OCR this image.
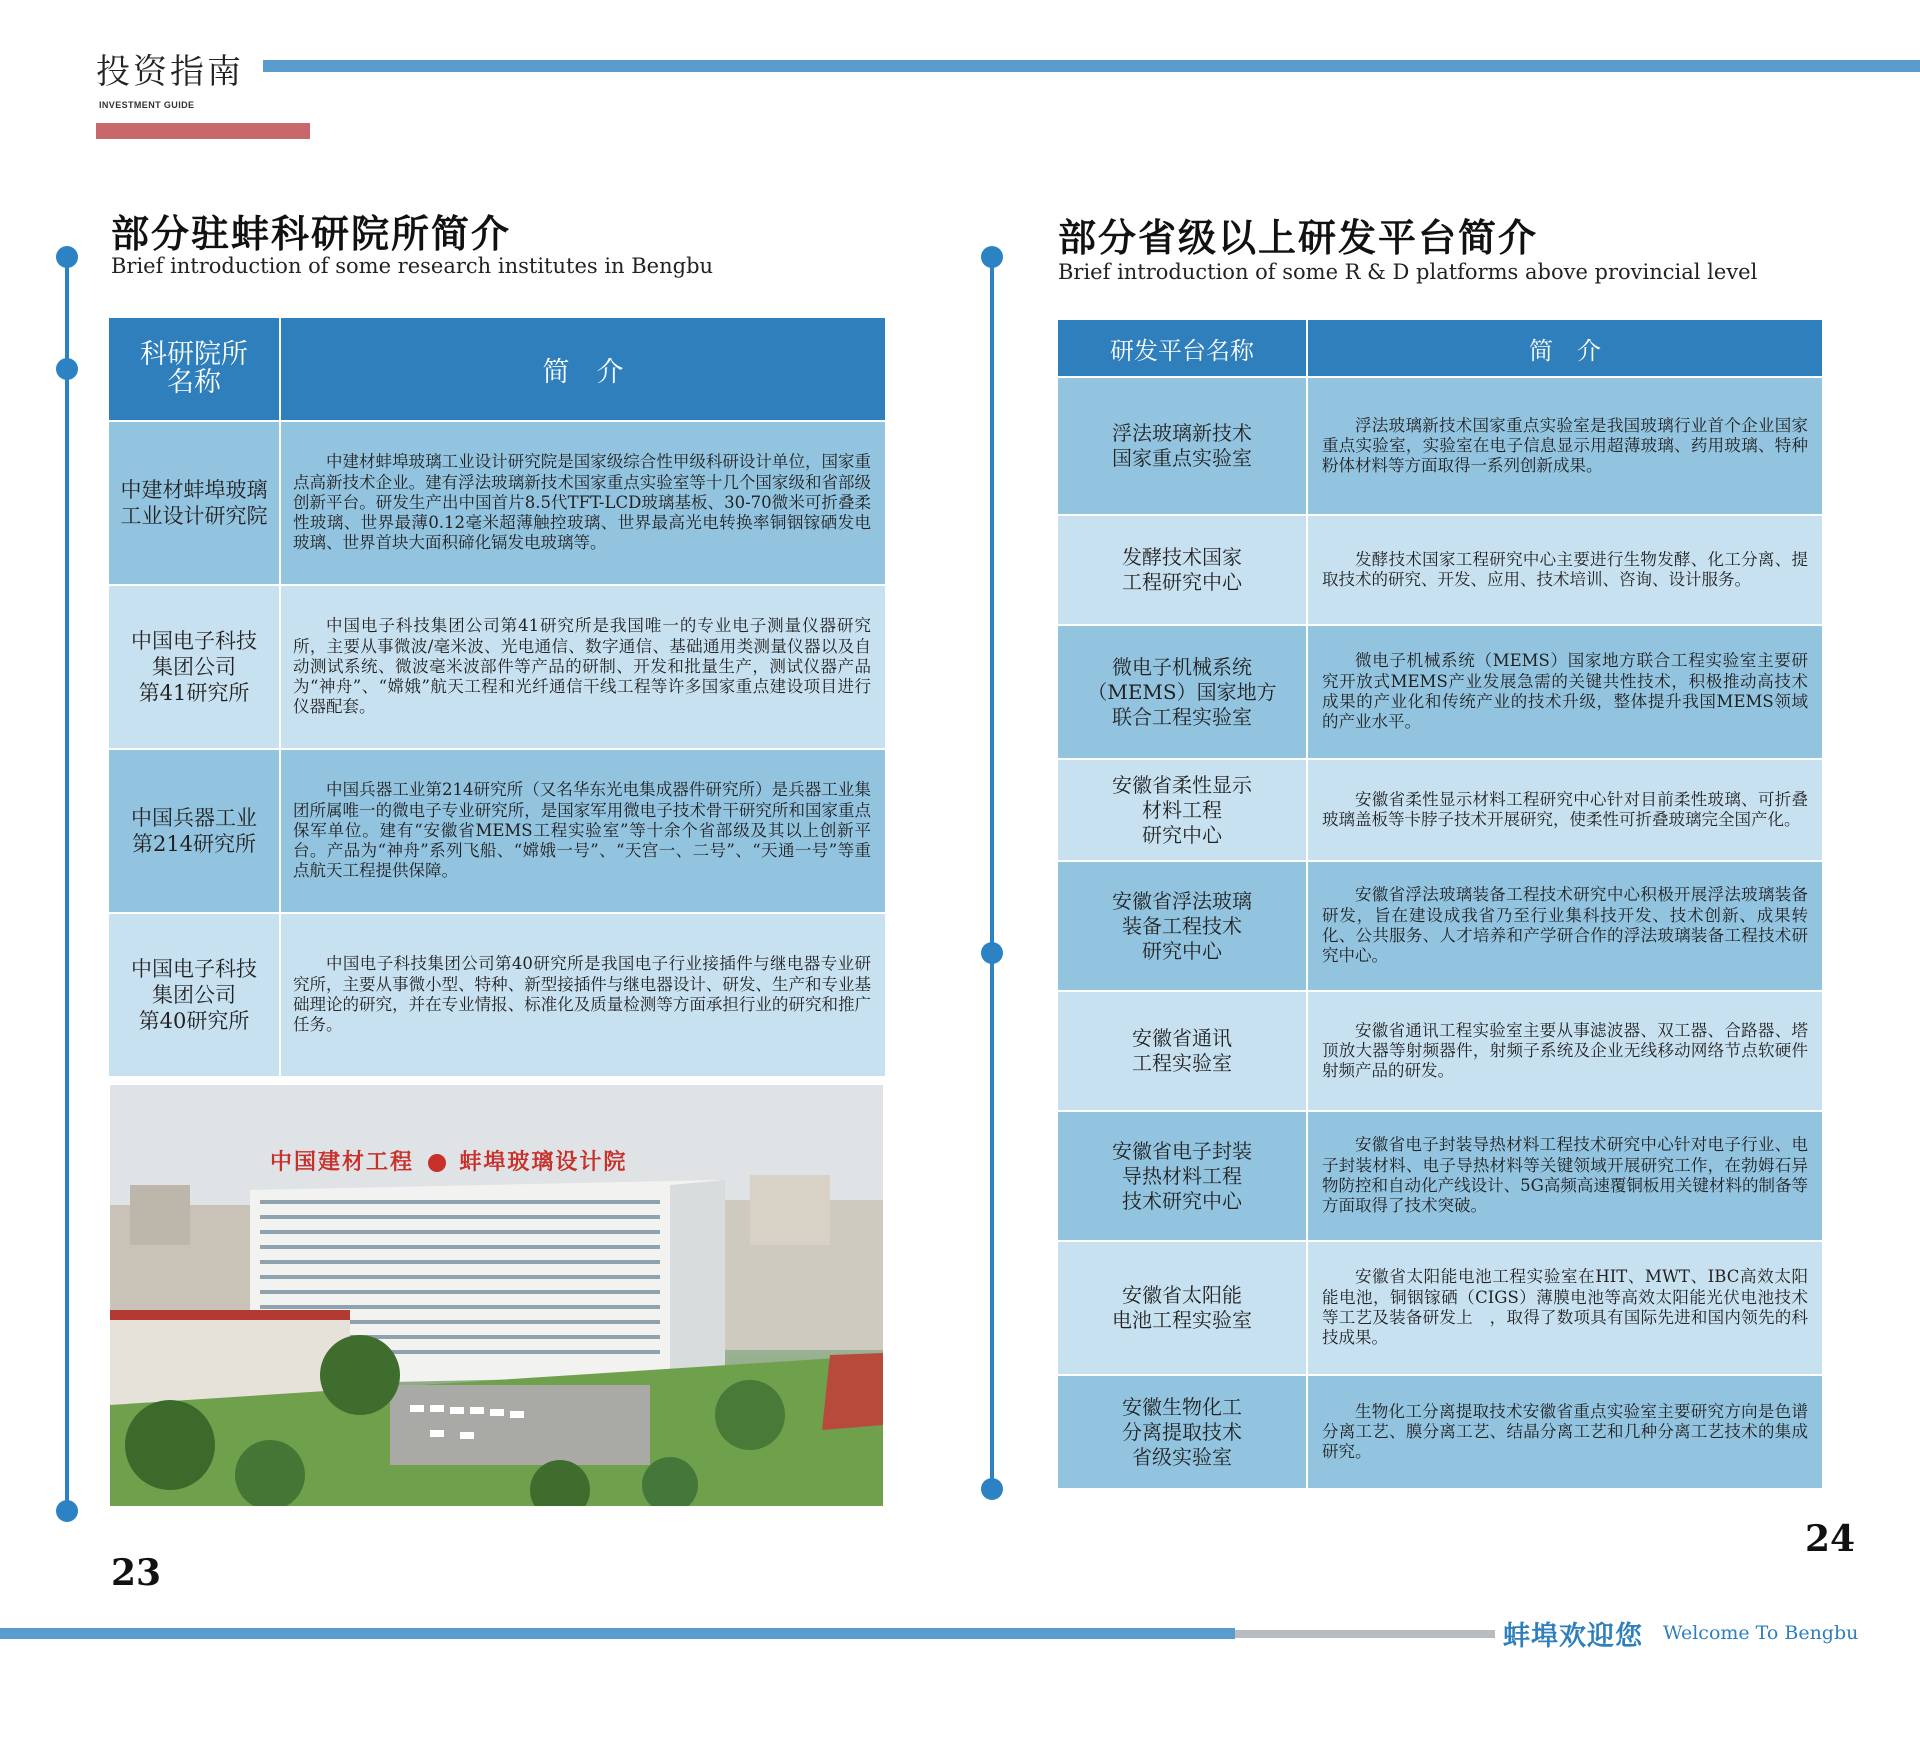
投资指南
INVESTMENT GUIDE
部分驻蚌科研院所简介
Brief introduction of some research institutes in Bengbu
部分省级以上研发平台简介
Brief introduction of some R & D platforms above provincial level
科研院所
名称	简　介
中建材蚌埠玻璃
工业设计研究院	中建材蚌埠玻璃工业设计研究院是国家级综合性甲级科研设计单位，国家重点高新技术企业。建有浮法玻璃新技术国家重点实验室等十几个国家级和省部级创新平台。研发生产出中国首片8.5代TFT-LCD玻璃基板、30-70微米可折叠柔性玻璃、世界最薄0.12毫米超薄触控玻璃、世界最高光电转换率铜铟镓硒发电玻璃、世界首块大面积碲化镉发电玻璃等。

中国电子科技
集团公司
第41研究所	中国电子科技集团公司第41研究所是我国唯一的专业电子测量仪器研究所，主要从事微波/毫米波、光电通信、数字通信、基础通用类测量仪器以及自动测试系统、微波毫米波部件等产品的研制、开发和批量生产，测试仪器产品为“神舟”、“嫦娥”航天工程和光纤通信干线工程等许多国家重点建设项目进行仪器配套。

中国兵器工业
第214研究所	中国兵器工业第214研究所（又名华东光电集成器件研究所）是兵器工业集团所属唯一的微电子专业研究所，是国家军用微电子技术骨干研究所和国家重点保军单位。建有“安徽省MEMS工程实验室”等十余个省部级及其以上创新平台。产品为“神舟”系列飞船、“嫦娥一号”、“天宫一、二号”、“天通一号”等重点航天工程提供保障。

中国电子科技
集团公司
第40研究所	中国电子科技集团公司第40研究所是我国电子行业接插件与继电器专业研究所，主要从事微小型、特种、新型接插件与继电器设计、研发、生产和专业基础理论的研究，并在专业情报、标准化及质量检测等方面承担行业的研究和推广任务。
中国建材工程 蚌埠玻璃设计院
研发平台名称	简　介
浮法玻璃新技术
国家重点实验室	浮法玻璃新技术国家重点实验室是我国玻璃行业首个企业国家重点实验室，实验室在电子信息显示用超薄玻璃、药用玻璃、特种粉体材料等方面取得一系列创新成果。

发酵技术国家
工程研究中心	发酵技术国家工程研究中心主要进行生物发酵、化工分离、提取技术的研究、开发、应用、技术培训、咨询、设计服务。

微电子机械系统
（MEMS）国家地方
联合工程实验室	微电子机械系统（MEMS）国家地方联合工程实验室主要研究开放式MEMS产业发展急需的关键共性技术，积极推动高技术成果的产业化和传统产业的技术升级，整体提升我国MEMS领域的产业水平。

安徽省柔性显示
材料工程
研究中心	安徽省柔性显示材料工程研究中心针对目前柔性玻璃、可折叠玻璃盖板等卡脖子技术开展研究，使柔性可折叠玻璃完全国产化。

安徽省浮法玻璃
装备工程技术
研究中心	安徽省浮法玻璃装备工程技术研究中心积极开展浮法玻璃装备研发，旨在建设成我省乃至行业集科技开发、技术创新、成果转化、公共服务、人才培养和产学研合作的浮法玻璃装备工程技术研究中心。

安徽省通讯
工程实验室	安徽省通讯工程实验室主要从事滤波器、双工器、合路器、塔顶放大器等射频器件，射频子系统及企业无线移动网络节点软硬件射频产品的研发。

安徽省电子封装
导热材料工程
技术研究中心	安徽省电子封装导热材料工程技术研究中心针对电子行业、电子封装材料、电子导热材料等关键领域开展研究工作，在勃姆石异物防控和自动化产线设计、5G高频高速覆铜板用关键材料的制备等方面取得了技术突破。

安徽省太阳能
电池工程实验室	安徽省太阳能电池工程实验室在HIT、MWT、IBC高效太阳能电池，铜铟镓硒（CIGS）薄膜电池等高效太阳能光伏电池技术等工艺及装备研发上　，取得了数项具有国际先进和国内领先的科技成果。

安徽生物化工
分离提取技术
省级实验室	生物化工分离提取技术安徽省重点实验室主要研究方向是色谱分离工艺、膜分离工艺、结晶分离工艺和几种分离工艺技术的集成研究。
23
24
蚌埠欢迎您 Welcome To Bengbu
